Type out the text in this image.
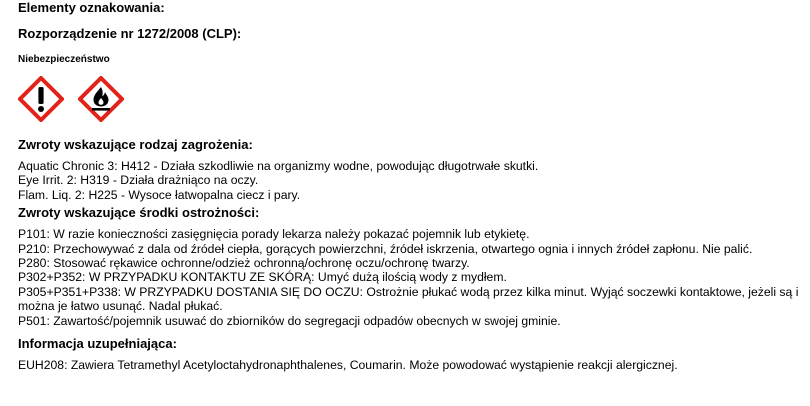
Elementy oznakowania:
Rozporządzenie nr 1272/2008 (CLP):
Niebezpieczeństwo
Zwroty wskazujące rodzaj zagrożenia:
Aquatic Chronic 3: H412 - Działa szkodliwie na organizmy wodne, powodując długotrwałe skutki.
Eye Irrit. 2: H319 - Działa drażniąco na oczy.
Flam. Liq. 2: H225 - Wysoce łatwopalna ciecz i pary.
Zwroty wskazujące środki ostrożności:
P101: W razie konieczności zasięgnięcia porady lekarza należy pokazać pojemnik lub etykietę.
P210: Przechowywać z dala od źródeł ciepła, gorących powierzchni, źródeł iskrzenia, otwartego ognia i innych źródeł zapłonu. Nie palić.
P280: Stosować rękawice ochronne/odzież ochronną/ochronę oczu/ochronę twarzy.
P302+P352: W PRZYPADKU KONTAKTU ZE SKÓRĄ: Umyć dużą ilością wody z mydłem.
P305+P351+P338: W PRZYPADKU DOSTANIA SIĘ DO OCZU: Ostrożnie płukać wodą przez kilka minut. Wyjąć soczewki kontaktowe, jeżeli są i można je łatwo usunąć. Nadal płukać.
P501: Zawartość/pojemnik usuwać do zbiorników do segregacji odpadów obecnych w swojej gminie.
Informacja uzupełniająca:
EUH208: Zawiera Tetramethyl Acetyloctahydronaphthalenes, Coumarin. Może powodować wystąpienie reakcji alergicznej.
